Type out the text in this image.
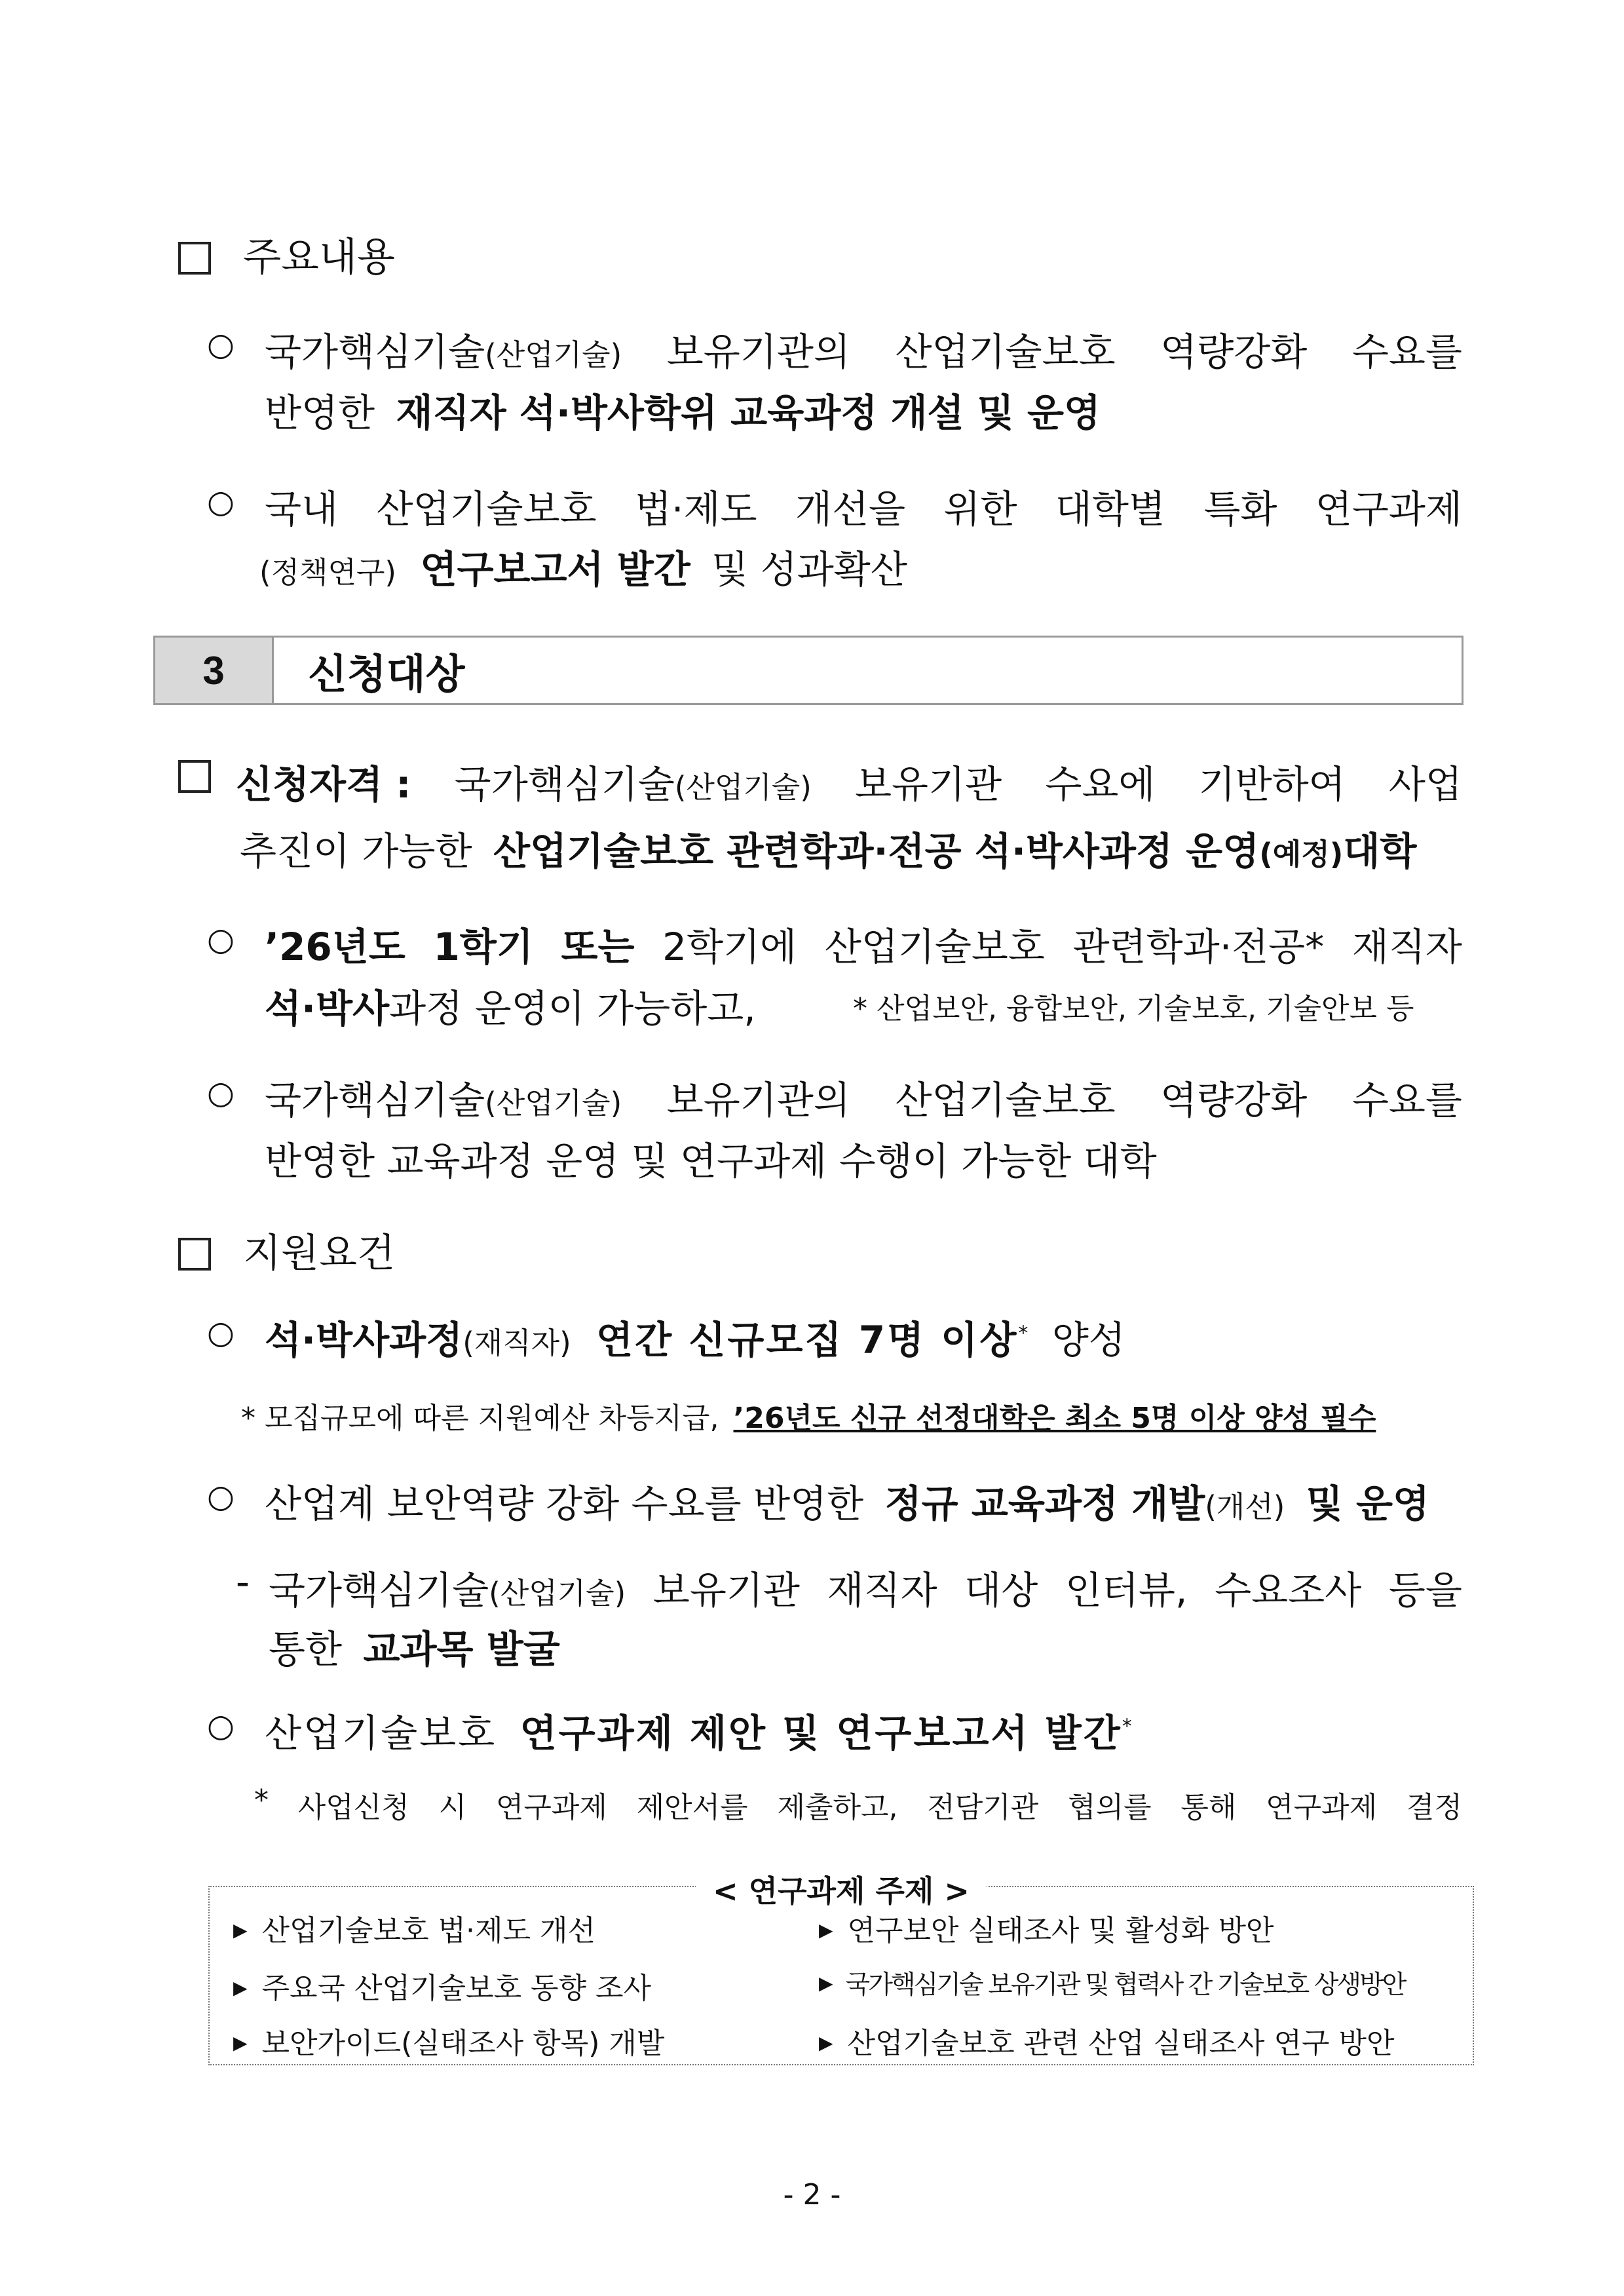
주요내용
○ 국가핵심기술(산업기술) 보유기관의 산업기술보호 역량강화 수요를
반영한 재직자 석·박사학위 교육과정 개설 및 운영
○ 국내 산업기술보호 법·제도 개선을 위한 대학별 특화 연구과제
(정책연구) 연구보고서 발간 및 성과확산
3	신청대상
신청자격 : 국가핵심기술(산업기술) 보유기관 수요에 기반하여 사업
추진이 가능한 산업기술보호 관련학과·전공 석·박사과정 운영(예정)대학
○ ’26년도 1학기 또는 2학기에 산업기술보호 관련학과·전공* 재직자
석·박사과정 운영이 가능하고,	* 산업보안, 융합보안, 기술보호, 기술안보 등
○ 국가핵심기술(산업기술) 보유기관의 산업기술보호 역량강화 수요를
반영한 교육과정 운영 및 연구과제 수행이 가능한 대학
지원요건
○ 석·박사과정(재직자) 연간 신규모집 7명 이상* 양성
* 모집규모에 따른 지원예산 차등지급, ’26년도 신규 선정대학은 최소 5명 이상 양성 필수
○ 산업계 보안역량 강화 수요를 반영한 정규 교육과정 개발(개선) 및 운영
- 국가핵심기술(산업기술) 보유기관 재직자 대상 인터뷰, 수요조사 등을
통한 교과목 발굴
○ 산업기술보호 연구과제 제안 및 연구보고서 발간*
* 사업신청 시 연구과제 제안서를 제출하고, 전담기관 협의를 통해 연구과제 결정
< 연구과제 주제 >
▶ 산업기술보호 법·제도 개선	▶ 연구보안 실태조사 및 활성화 방안
▶ 주요국 산업기술보호 동향 조사	▶ 국가핵심기술 보유기관 및 협력사 간 기술보호 상생방안
▶ 보안가이드(실태조사 항목) 개발	▶ 산업기술보호 관련 산업 실태조사 연구 방안
- 2 -
